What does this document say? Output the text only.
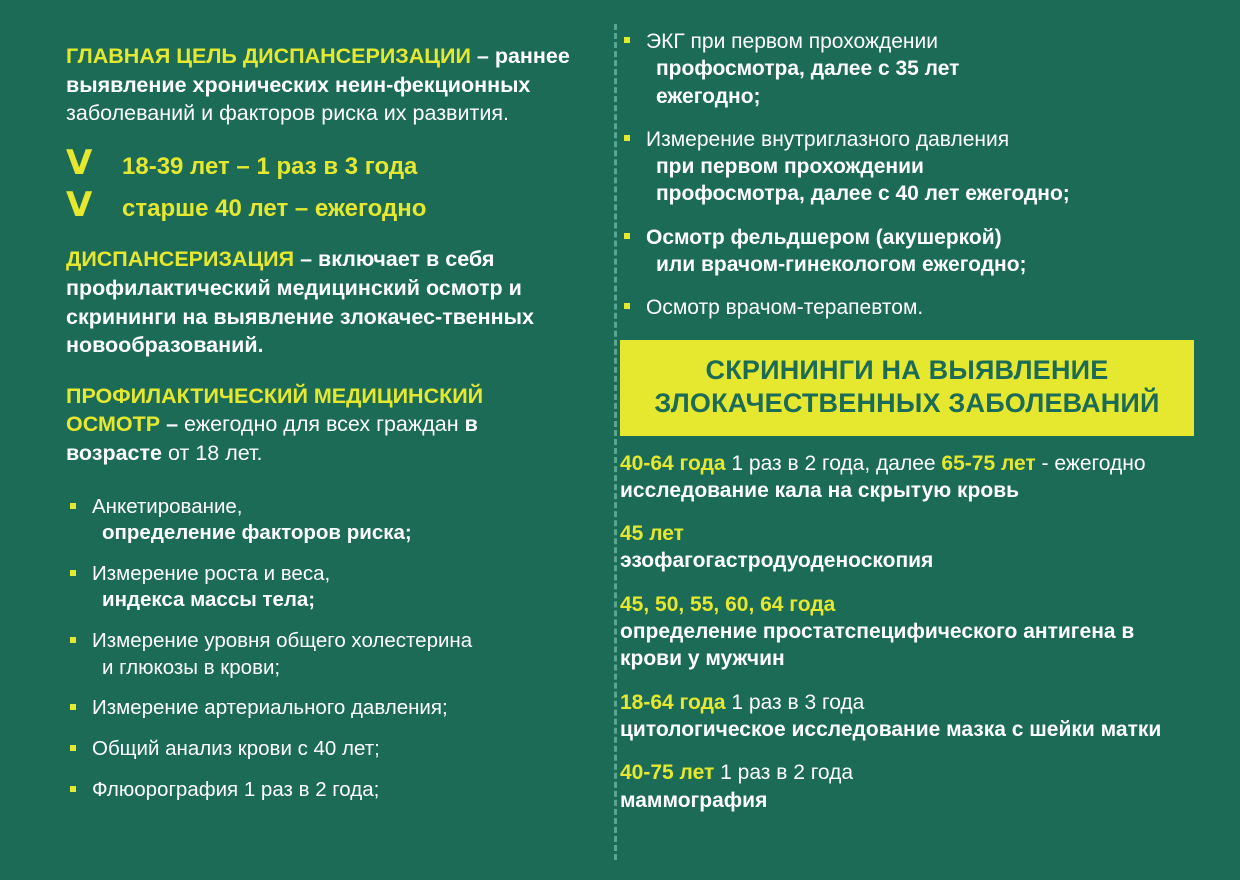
ГЛАВНАЯ ЦЕЛЬ ДИСПАНСЕРИЗАЦИИ – раннее выявление хронических неин-фекционных заболеваний и факторов риска их развития.
V	18-39 лет – 1 раз в 3 года
V	старше 40 лет – ежегодно
ДИСПАНСЕРИЗАЦИЯ – включает в себя профилактический медицинский осмотр и скрининги на выявление злокачес-твенных новообразований.
ПРОФИЛАКТИЧЕСКИЙ МЕДИЦИНСКИЙ ОСМОТР – ежегодно для всех граждан в возрасте от 18 лет.
Анкетирование,
определение факторов риска;
Измерение роста и веса,
индекса массы тела;
Измерение уровня общего холестерина
и глюкозы в крови;
Измерение артериального давления;
Общий анализ крови с 40 лет;
Флюорография 1 раз в 2 года;
ЭКГ при первом прохождении
профосмотра, далее с 35 лет
ежегодно;
Измерение внутриглазного давления
при первом прохождении
профосмотра, далее с 40 лет ежегодно;
Осмотр фельдшером (акушеркой)
или врачом-гинекологом ежегодно;
Осмотр врачом-терапевтом.
СКРИНИНГИ НА ВЫЯВЛЕНИЕ
ЗЛОКАЧЕСТВЕННЫХ ЗАБОЛЕВАНИЙ
40-64 года 1 раз в 2 года, далее 65-75 лет - ежегодно
исследование кала на скрытую кровь
45 лет
эзофагогастродуоденоскопия
45, 50, 55, 60, 64 года
определение простатспецифического антигена в крови у мужчин
18-64 года 1 раз в 3 года
цитологическое исследование мазка с шейки матки
40-75 лет 1 раз в 2 года
маммография
